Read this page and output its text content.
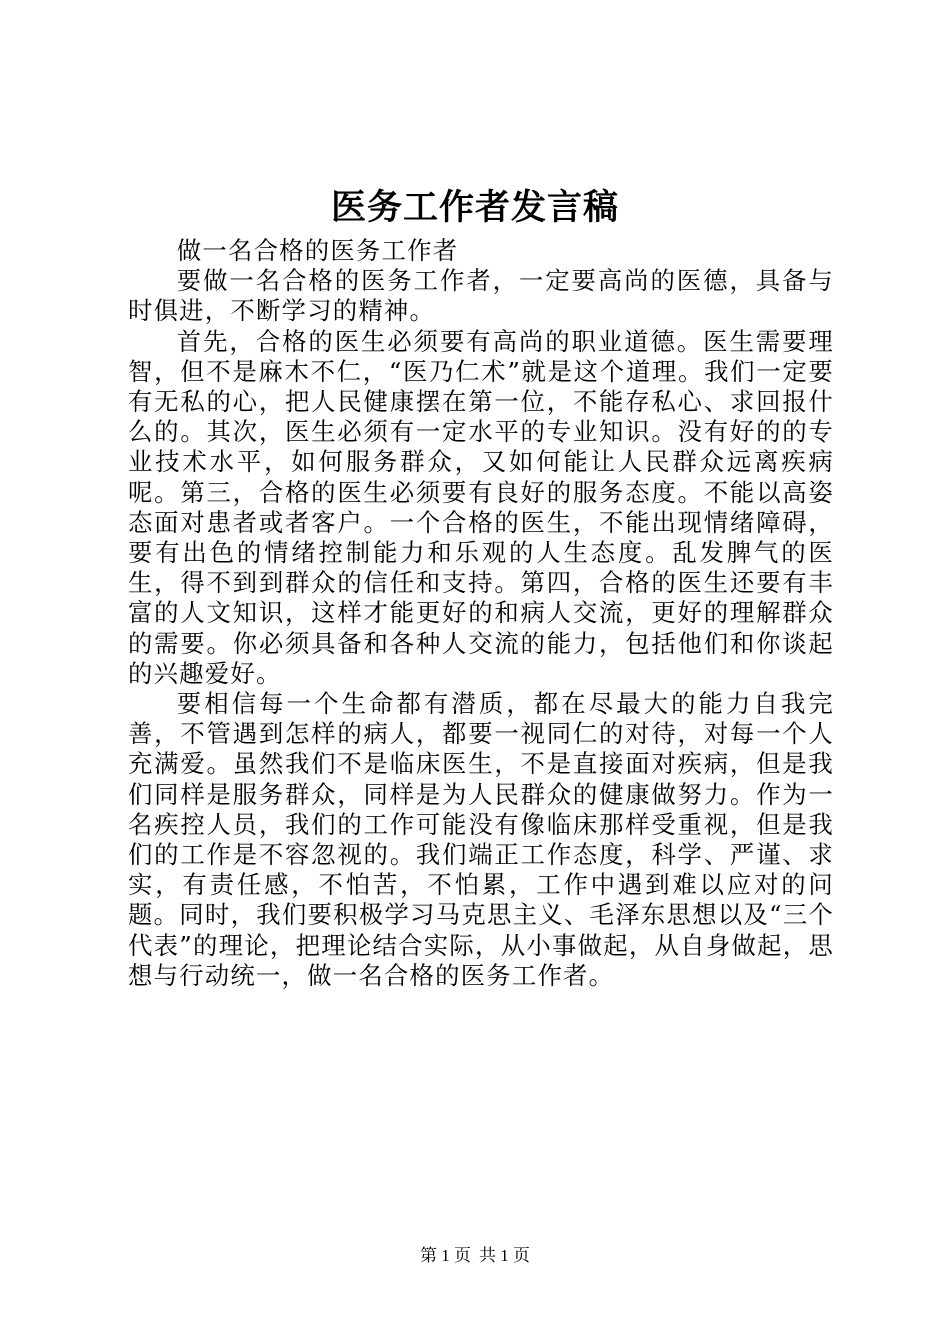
医务工作者发言稿

做一名合格的医务工作者

要做一名合格的医务工作者，一定要高尚的医德，具备与时俱进，不断学习的精神。

首先，合格的医生必须要有高尚的职业道德。医生需要理智，但不是麻木不仁，“医乃仁术”就是这个道理。我们一定要有无私的心，把人民健康摆在第一位，不能存私心、求回报什么的。其次，医生必须有一定水平的专业知识。没有好的的专业技术水平，如何服务群众，又如何能让人民群众远离疾病呢。第三，合格的医生必须要有良好的服务态度。不能以高姿态面对患者或者客户。一个合格的医生，不能出现情绪障碍，要有出色的情绪控制能力和乐观的人生态度。乱发脾气的医生，得不到到群众的信任和支持。第四，合格的医生还要有丰富的人文知识，这样才能更好的和病人交流，更好的理解群众的需要。你必须具备和各种人交流的能力，包括他们和你谈起的兴趣爱好。

要相信每一个生命都有潜质，都在尽最大的能力自我完善，不管遇到怎样的病人，都要一视同仁的对待，对每一个人充满爱。虽然我们不是临床医生，不是直接面对疾病，但是我们同样是服务群众，同样是为人民群众的健康做努力。作为一名疾控人员，我们的工作可能没有像临床那样受重视，但是我们的工作是不容忽视的。我们端正工作态度，科学、严谨、求实，有责任感，不怕苦，不怕累，工作中遇到难以应对的问题。同时，我们要积极学习马克思主义、毛泽东思想以及“三个代表”的理论，把理论结合实际，从小事做起，从自身做起，思想与行动统一，做一名合格的医务工作者。

第 1 页 共 1 页
